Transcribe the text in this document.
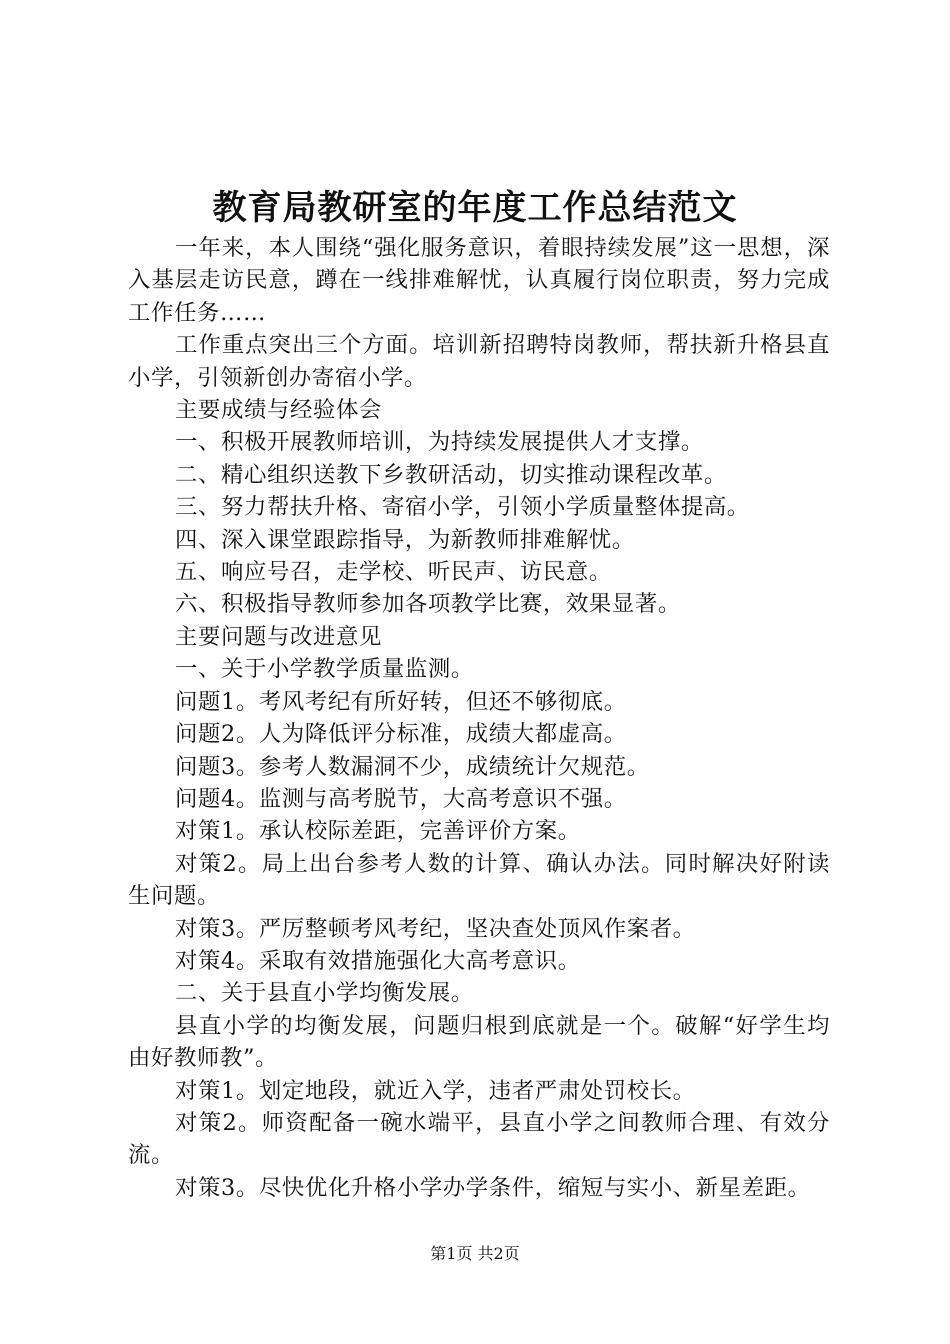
教育局教研室的年度工作总结范文

一年来，本人围绕“强化服务意识，着眼持续发展”这一思想，深入基层走访民意，蹲在一线排难解忧，认真履行岗位职责，努力完成工作任务……

工作重点突出三个方面。培训新招聘特岗教师，帮扶新升格县直小学，引领新创办寄宿小学。

主要成绩与经验体会

一、积极开展教师培训，为持续发展提供人才支撑。

二、精心组织送教下乡教研活动，切实推动课程改革。

三、努力帮扶升格、寄宿小学，引领小学质量整体提高。

四、深入课堂跟踪指导，为新教师排难解忧。

五、响应号召，走学校、听民声、访民意。

六、积极指导教师参加各项教学比赛，效果显著。

主要问题与改进意见

一、关于小学教学质量监测。

问题1。考风考纪有所好转，但还不够彻底。

问题2。人为降低评分标准，成绩大都虚高。

问题3。参考人数漏洞不少，成绩统计欠规范。

问题4。监测与高考脱节，大高考意识不强。

对策1。承认校际差距，完善评价方案。

对策2。局上出台参考人数的计算、确认办法。同时解决好附读生问题。

对策3。严厉整顿考风考纪，坚决查处顶风作案者。

对策4。采取有效措施强化大高考意识。

二、关于县直小学均衡发展。

县直小学的均衡发展，问题归根到底就是一个。破解“好学生均由好教师教”。

对策1。划定地段，就近入学，违者严肃处罚校长。

对策2。师资配备一碗水端平，县直小学之间教师合理、有效分流。

对策3。尽快优化升格小学办学条件，缩短与实小、新星差距。

第1页 共2页
